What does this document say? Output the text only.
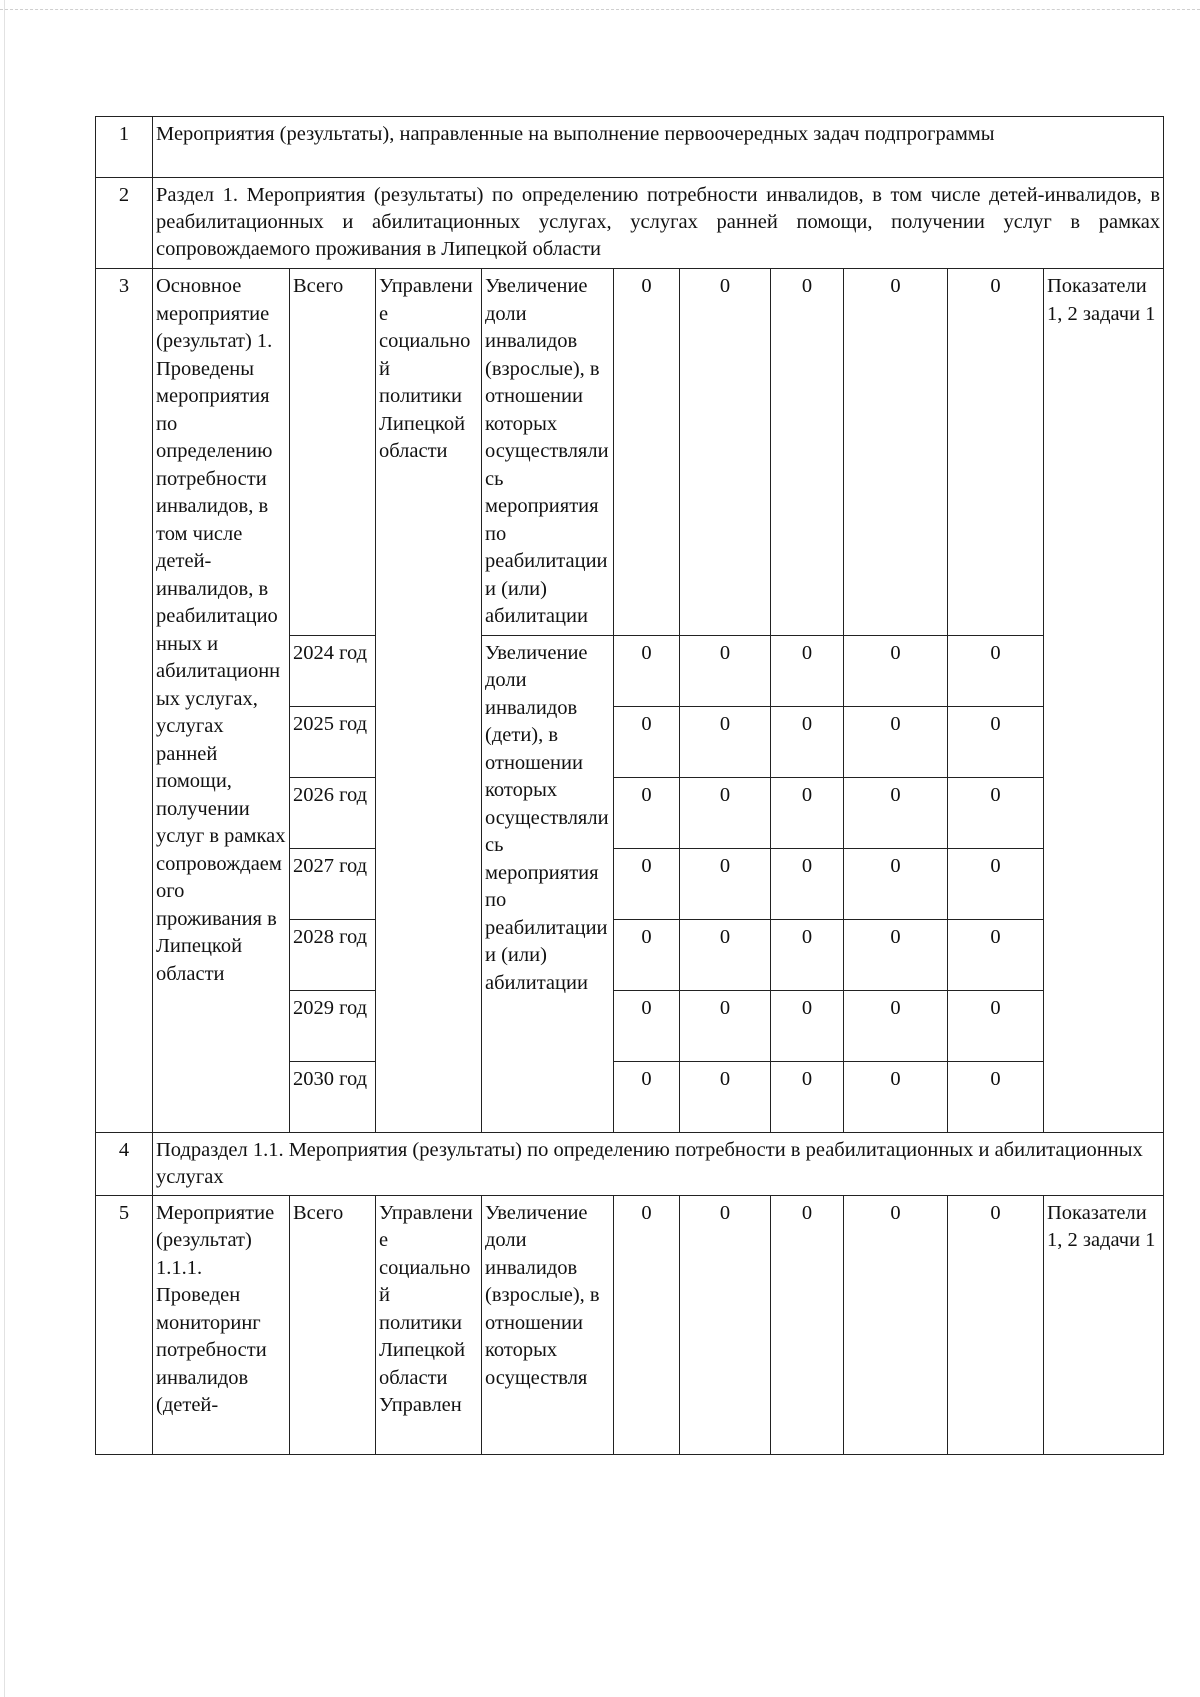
1	Мероприятия (результаты), направленные на выполнение первоочередных задач подпрограммы									
2	Раздел 1. Мероприятия (результаты) по определению потребности инвалидов, в том числе детей-инвалидов, в реабилитационных и абилитационных услугах, услугах ранней помощи, получении услуг в рамках сопровождаемого проживания в Липецкой области									
3	Основное мероприятие (результат) 1. Проведены мероприятия по определению потребности инвалидов, в том числе детей-инвалидов, в реабилитационных и абилитационных услугах, услугах ранней помощи, получении услуг в рамках сопровождаемого проживания в Липецкой области	Всего	Управление социальной политики Липецкой области	Увеличение доли инвалидов (взрослые), в отношении которых осуществлялись мероприятия по реабилитации и (или) абилитации	0	0	0	0	0	Показатели 1, 2 задачи 1
		2024 год		Увеличение доли инвалидов (дети), в отношении которых осуществлялись мероприятия по реабилитации и (или) абилитации	0	0	0	0	0	
		2025 год			0	0	0	0	0	
		2026 год			0	0	0	0	0	
		2027 год			0	0	0	0	0	
		2028 год			0	0	0	0	0	
		2029 год			0	0	0	0	0	
		2030 год			0	0	0	0	0	
4	Подраздел 1.1. Мероприятия (результаты) по определению потребности в реабилитационных и абилитационных услугах									
5	Мероприятие (результат) 1.1.1. Проведен мониторинг потребности инвалидов (детей-	Всего	Управление социальной политики Липецкой области Управлен	Увеличение доли инвалидов (взрослые), в отношении которых осуществля	0	0	0	0	0	Показатели 1, 2 задачи 1
